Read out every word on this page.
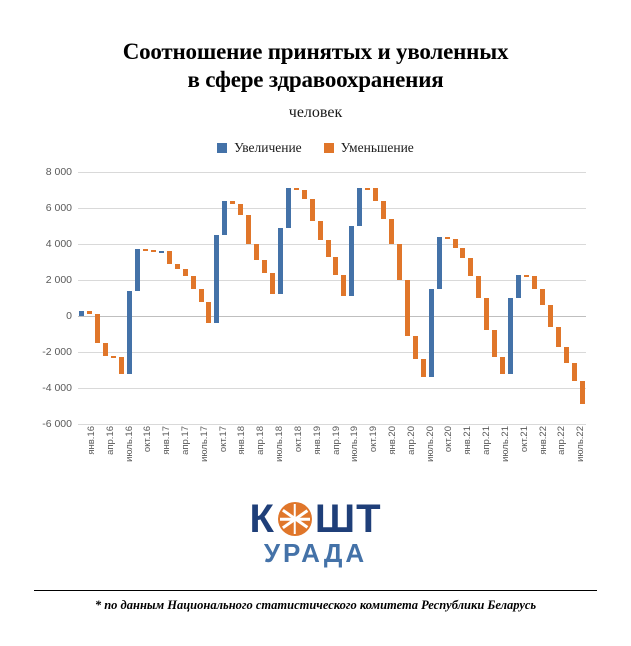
Соотношение принятых и уволенных
в сфере здравоохранения
человек
Увеличение	Уменьшение
8 000
6 000
4 000
2 000
0
-2 000
-4 000
-6 000
янв.16 апр.16 июль.16 окт.16 янв.17 апр.17 июль.17 окт.17 янв.18 апр.18 июль.18 окт.18 янв.19 апр.19 июль.19 окт.19 янв.20 апр.20 июль.20 окт.20 янв.21 апр.21 июль.21 окт.21 янв.22 апр.22 июль.22
К ШТ
УРАДА
* по данным Национального статистического комитета Республики Беларусь
